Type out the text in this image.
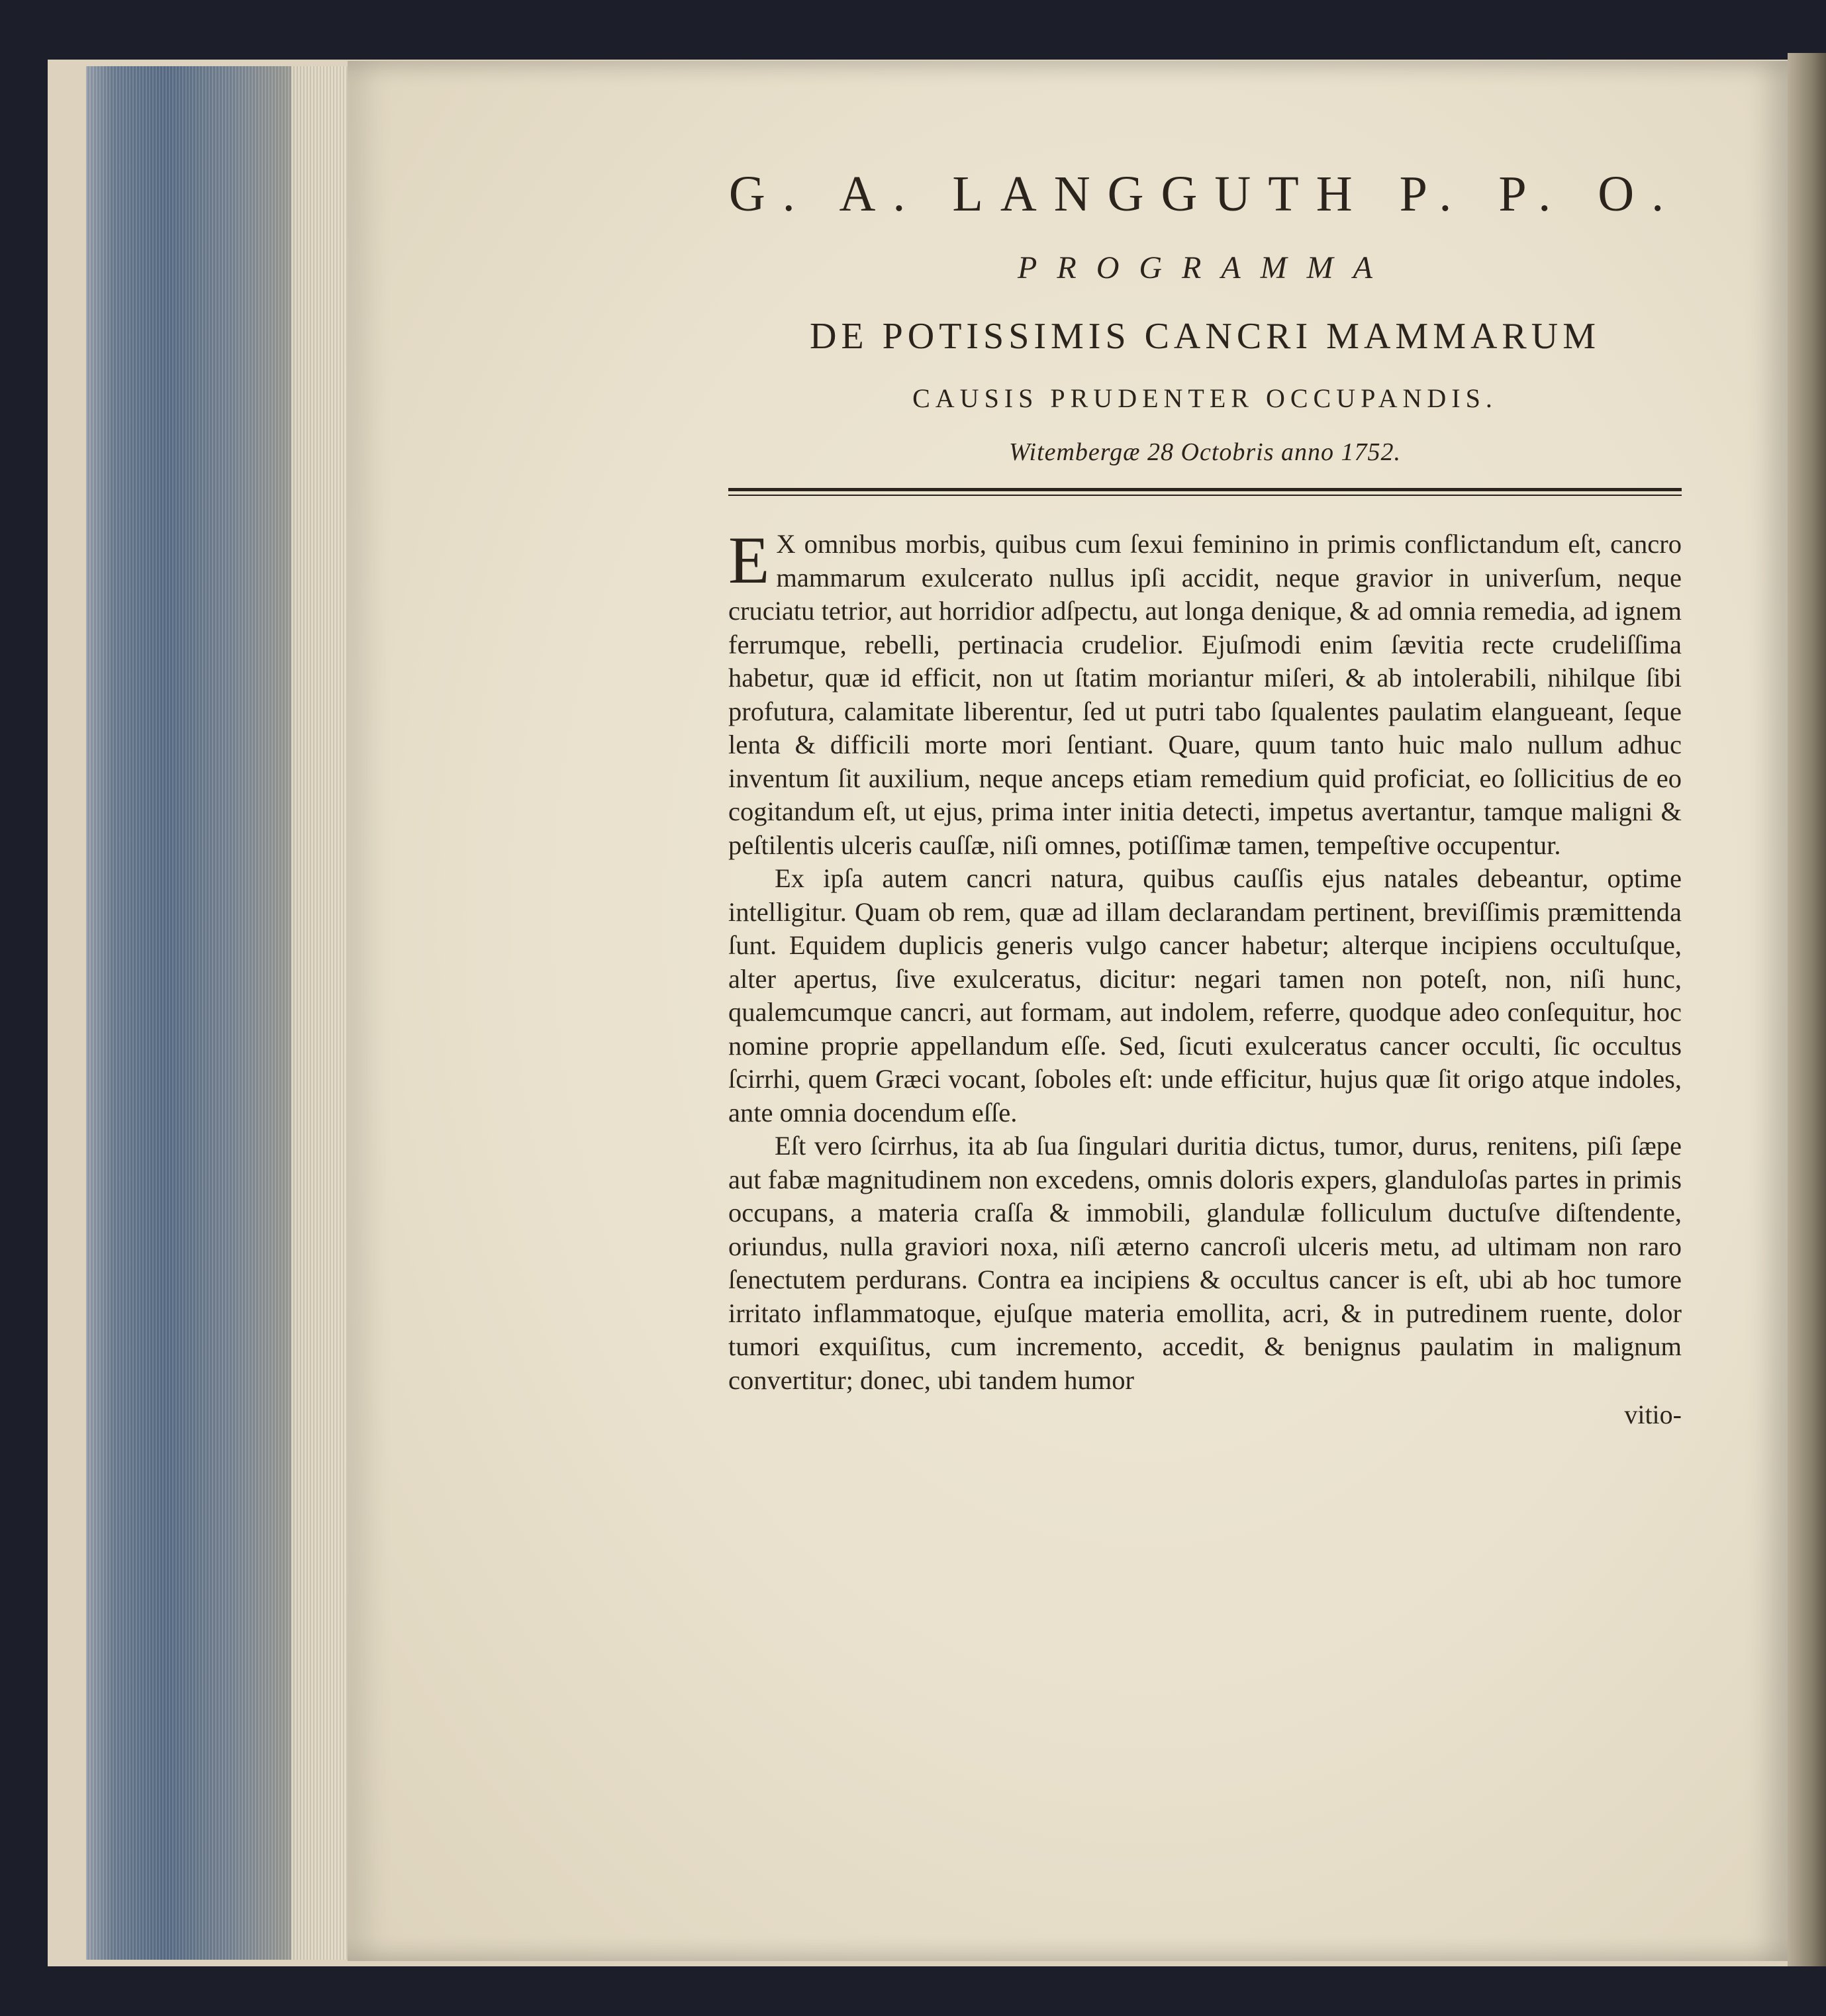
G. A. LANGGUTH P. P. O.
PROGRAMMA
DE POTISSIMIS CANCRI MAMMARUM
CAUSIS PRUDENTER OCCUPANDIS.
Witembergæ 28 Octobris anno 1752.

E X omnibus morbis, quibus cum ſexui feminino in primis conflictandum eſt, cancro mammarum exulcerato nullus ipſi accidit, neque gravior in univerſum, neque cruciatu tetrior, aut horridior adſpectu, aut longa denique, & ad omnia remedia, ad ignem ferrumque, rebelli, pertinacia crudelior. Ejuſmodi enim ſævitia recte crudeliſſima habetur, quæ id efficit, non ut ſtatim moriantur miſeri, & ab intolerabili, nihilque ſibi profutura, calamitate liberentur, ſed ut putri tabo ſqualentes paulatim elangueant, ſeque lenta & difficili morte mori ſentiant. Quare, quum tanto huic malo nullum adhuc inventum ſit auxilium, neque anceps etiam remedium quid proficiat, eo ſollicitius de eo cogitandum eſt, ut ejus, prima inter initia detecti, impetus avertantur, tamque maligni & peſtilentis ulceris cauſſæ, niſi omnes, potiſſimæ tamen, tempeſtive occupentur.

Ex ipſa autem cancri natura, quibus cauſſis ejus natales debeantur, optime intelligitur. Quam ob rem, quæ ad illam declarandam pertinent, breviſſimis præmittenda ſunt. Equidem duplicis generis vulgo cancer habetur; alterque incipiens occultuſque, alter apertus, ſive exulceratus, dicitur: negari tamen non poteſt, non, niſi hunc, qualemcumque cancri, aut formam, aut indolem, referre, quodque adeo conſequitur, hoc nomine proprie appellandum eſſe. Sed, ſicuti exulceratus cancer occulti, ſic occultus ſcirrhi, quem Græci vocant, ſoboles eſt: unde efficitur, hujus quæ ſit origo atque indoles, ante omnia docendum eſſe.

Eſt vero ſcirrhus, ita ab ſua ſingulari duritia dictus, tumor, durus, renitens, piſi ſæpe aut fabæ magnitudinem non excedens, omnis doloris expers, glanduloſas partes in primis occupans, a materia craſſa & immobili, glandulæ folliculum ductuſve diſtendente, oriundus, nulla graviori noxa, niſi æterno cancroſi ulceris metu, ad ultimam non raro ſenectutem perdurans. Contra ea incipiens & occultus cancer is eſt, ubi ab hoc tumore irritato inflammatoque, ejuſque materia emollita, acri, & in putredinem ruente, dolor tumori exquiſitus, cum incremento, accedit, & benignus paulatim in malignum convertitur; donec, ubi tandem humor

vitio-
